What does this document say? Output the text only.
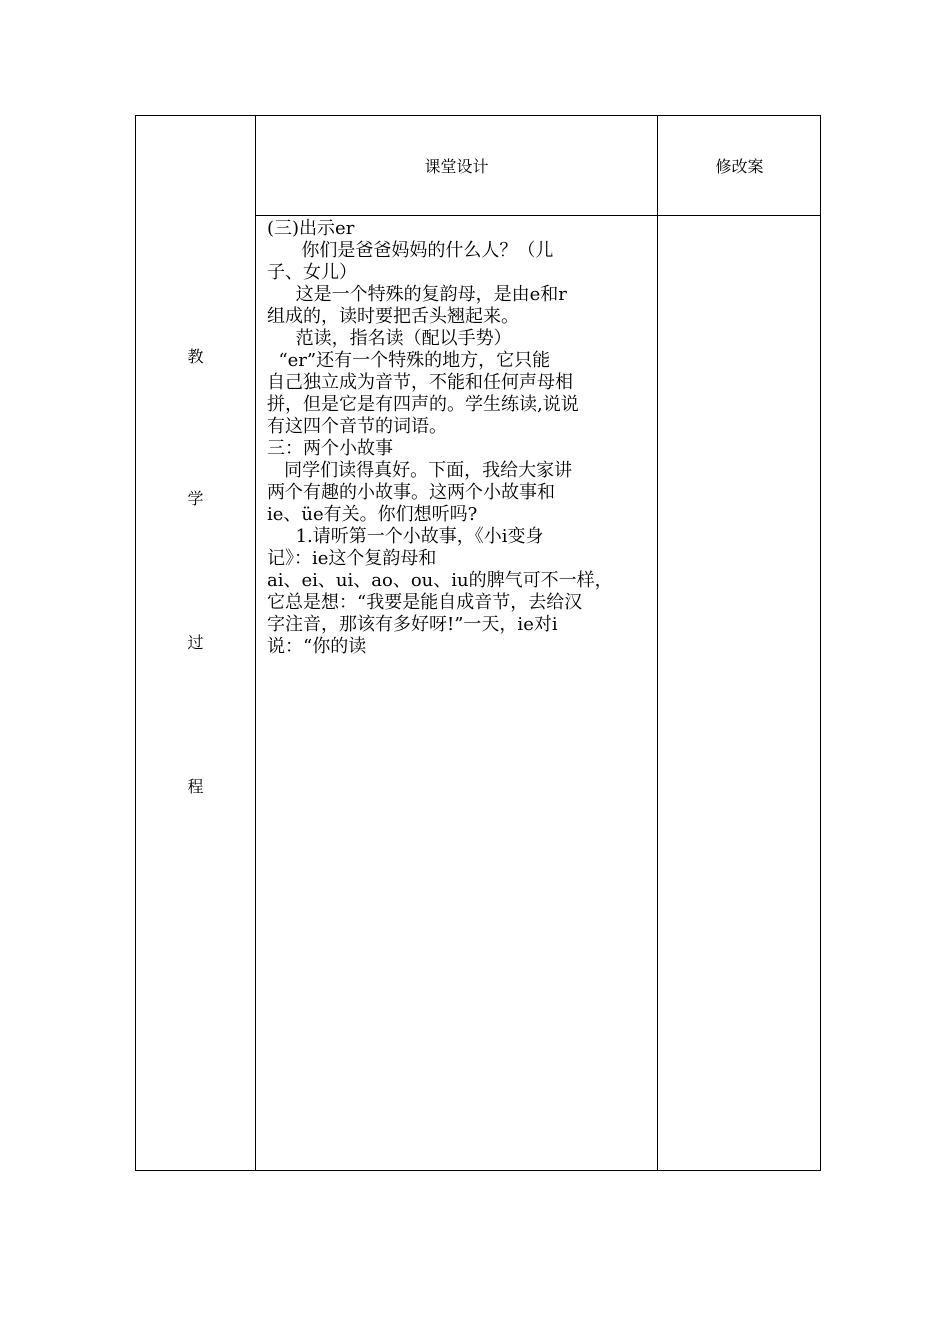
课堂设计	修改案
教
学
过
程
(三)出示er
你们是爸爸妈妈的什么人？（儿
子、女儿）
这是一个特殊的复韵母，是由e和r
组成的，读时要把舌头翘起来。
范读，指名读（配以手势）
“er”还有一个特殊的地方，它只能
自己独立成为音节，不能和任何声母相
拼，但是它是有四声的。学生练读,说说
有这四个音节的词语。
三：两个小故事
同学们读得真好。下面，我给大家讲
两个有趣的小故事。这两个小故事和
ie、üe有关。你们想听吗?
1.请听第一个小故事，《小i变身
记》：ie这个复韵母和
ai、ei、ui、ao、ou、iu的脾气可不一样，
它总是想：“我要是能自成音节，去给汉
字注音，那该有多好呀!”一天，ie对i
说：“你的读
